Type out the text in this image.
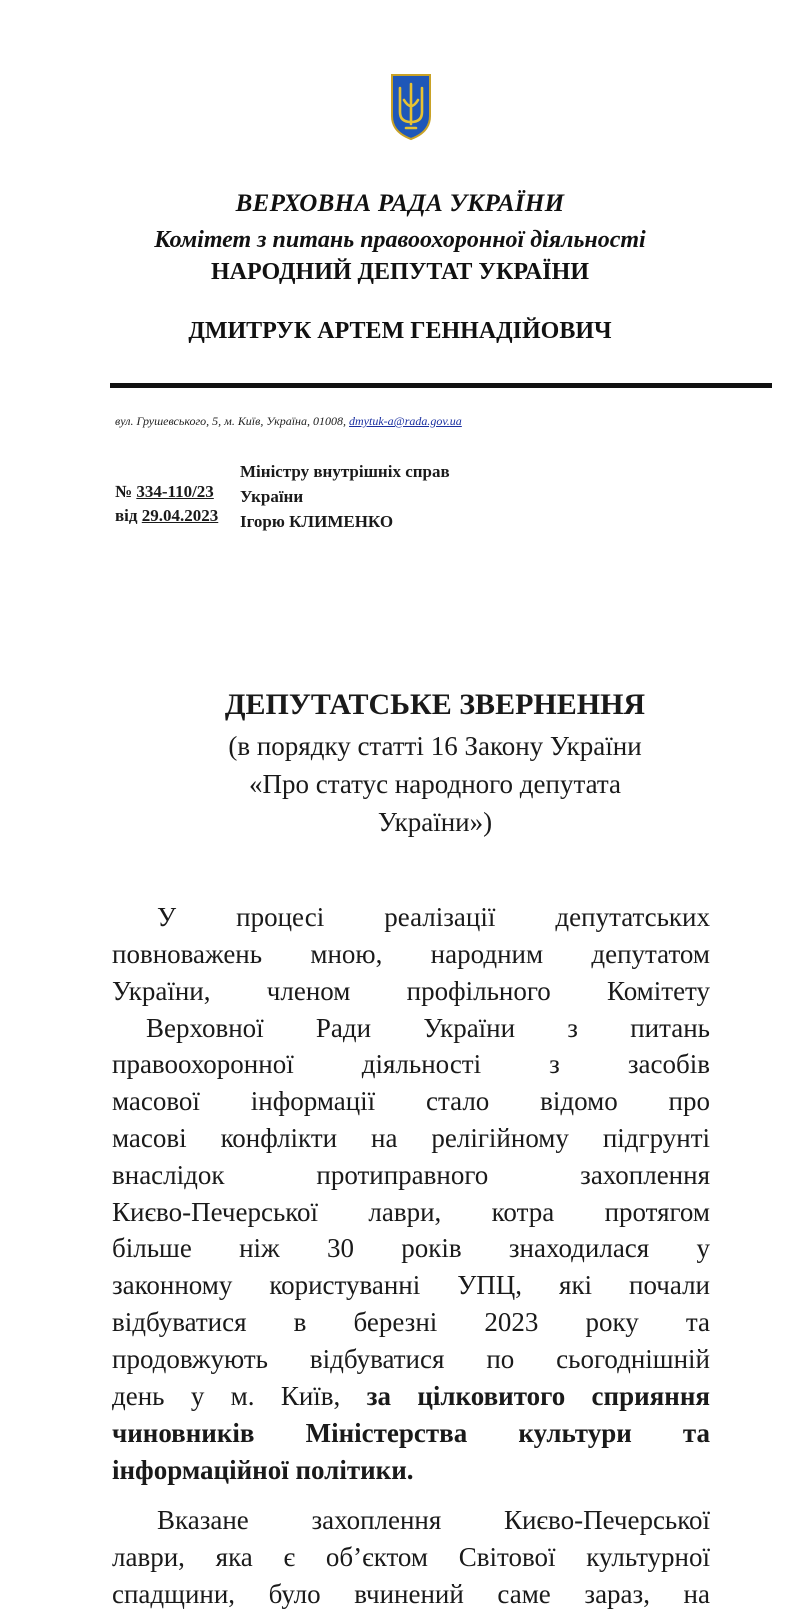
ВЕРХОВНА РАДА УКРАЇНИ
Комітет з питань правоохоронної діяльності
НАРОДНИЙ ДЕПУТАТ УКРАЇНИ
ДМИТРУК АРТЕМ ГЕННАДІЙОВИЧ
вул. Грушевського, 5, м. Київ, Україна, 01008, dmytuk-a@rada.gov.ua
№ 334-110/23
від 29.04.2023
Міністру внутрішніх справ
України
Ігорю КЛИМЕНКО
ДЕПУТАТСЬКЕ ЗВЕРНЕННЯ
(в порядку статті 16 Закону України
«Про статус народного депутата
України»)
У процесі реалізації депутатських
повноважень мною, народним депутатом
України, членом профільного Комітету
Верховної Ради України з питань
правоохоронної діяльності з засобів
масової інформації стало відомо про
масові конфлікти на релігійному підгрунті
внаслідок протиправного захоплення
Києво-Печерської лаври, котра протягом
більше ніж 30 років знаходилася у
законному користуванні УПЦ, які почали
відбуватися в березні 2023 року та
продовжують відбуватися по сьогоднішній
день у м. Київ, за цілковитого сприяння
чиновників Міністерства культури та
інформаційної політики.
Вказане захоплення Києво-Печерської
лаври, яка є об’єктом Світової культурної
спадщини, було вчинений саме зараз, на
